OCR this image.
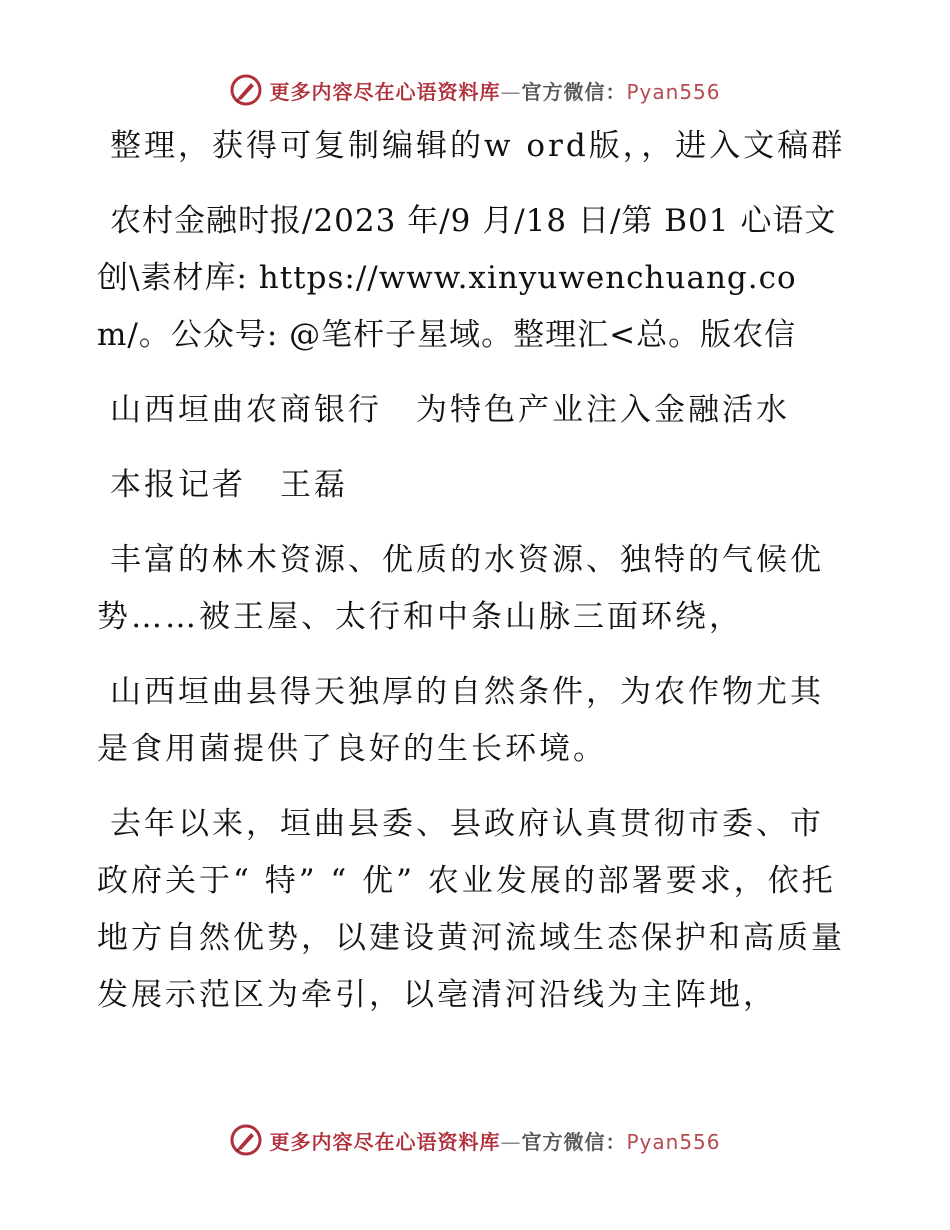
更多内容尽在心语资料库—官方微信：Pyan556

整理，获得可复制编辑的w ord版，，进入文稿群

农村金融时报/2023 年/9 月/18 日/第 B01 心语文创\素材库: https://www.xinyuwenchuang.com/。公众号: @笔杆子星域。整理汇<总。版农信

山西垣曲农商银行　为特色产业注入金融活水

本报记者　王磊

丰富的林木资源、优质的水资源、独特的气候优势……被王屋、太行和中条山脉三面环绕，

山西垣曲县得天独厚的自然条件，为农作物尤其是食用菌提供了良好的生长环境。

去年以来，垣曲县委、县政府认真贯彻市委、市政府关于“ 特” “ 优” 农业发展的部署要求，依托地方自然优势，以建设黄河流域生态保护和高质量发展示范区为牵引，以亳清河沿线为主阵地，

更多内容尽在心语资料库—官方微信：Pyan556
